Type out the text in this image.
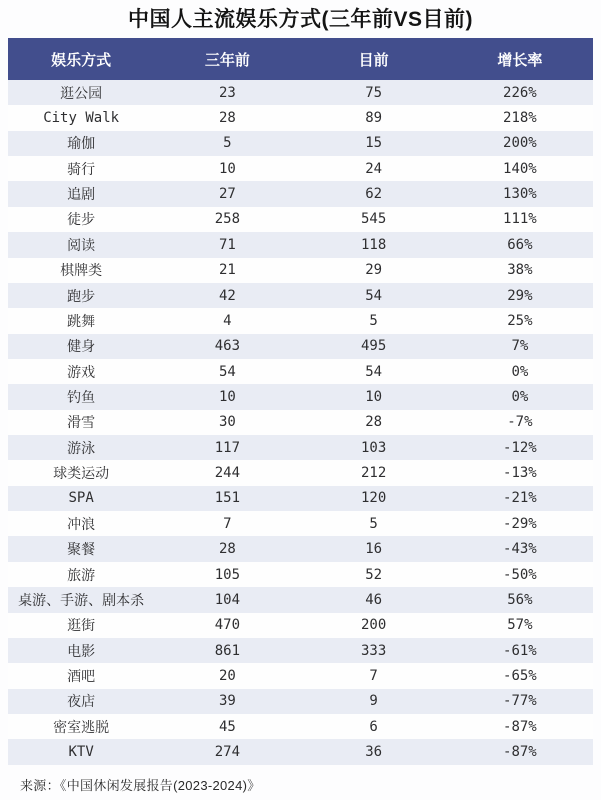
中国人主流娱乐方式(三年前VS目前)
娱乐方式	三年前	目前	增长率
逛公园	23	75	226%
City Walk	28	89	218%
瑜伽	5	15	200%
骑行	10	24	140%
追剧	27	62	130%
徒步	258	545	111%
阅读	71	118	66%
棋牌类	21	29	38%
跑步	42	54	29%
跳舞	4	5	25%
健身	463	495	7%
游戏	54	54	0%
钓鱼	10	10	0%
滑雪	30	28	-7%
游泳	117	103	-12%
球类运动	244	212	-13%
SPA	151	120	-21%
冲浪	7	5	-29%
聚餐	28	16	-43%
旅游	105	52	-50%
桌游、手游、剧本杀	104	46	56%
逛街	470	200	57%
电影	861	333	-61%
酒吧	20	7	-65%
夜店	39	9	-77%
密室逃脱	45	6	-87%
KTV	274	36	-87%
来源：《中国休闲发展报告(2023-2024)》
